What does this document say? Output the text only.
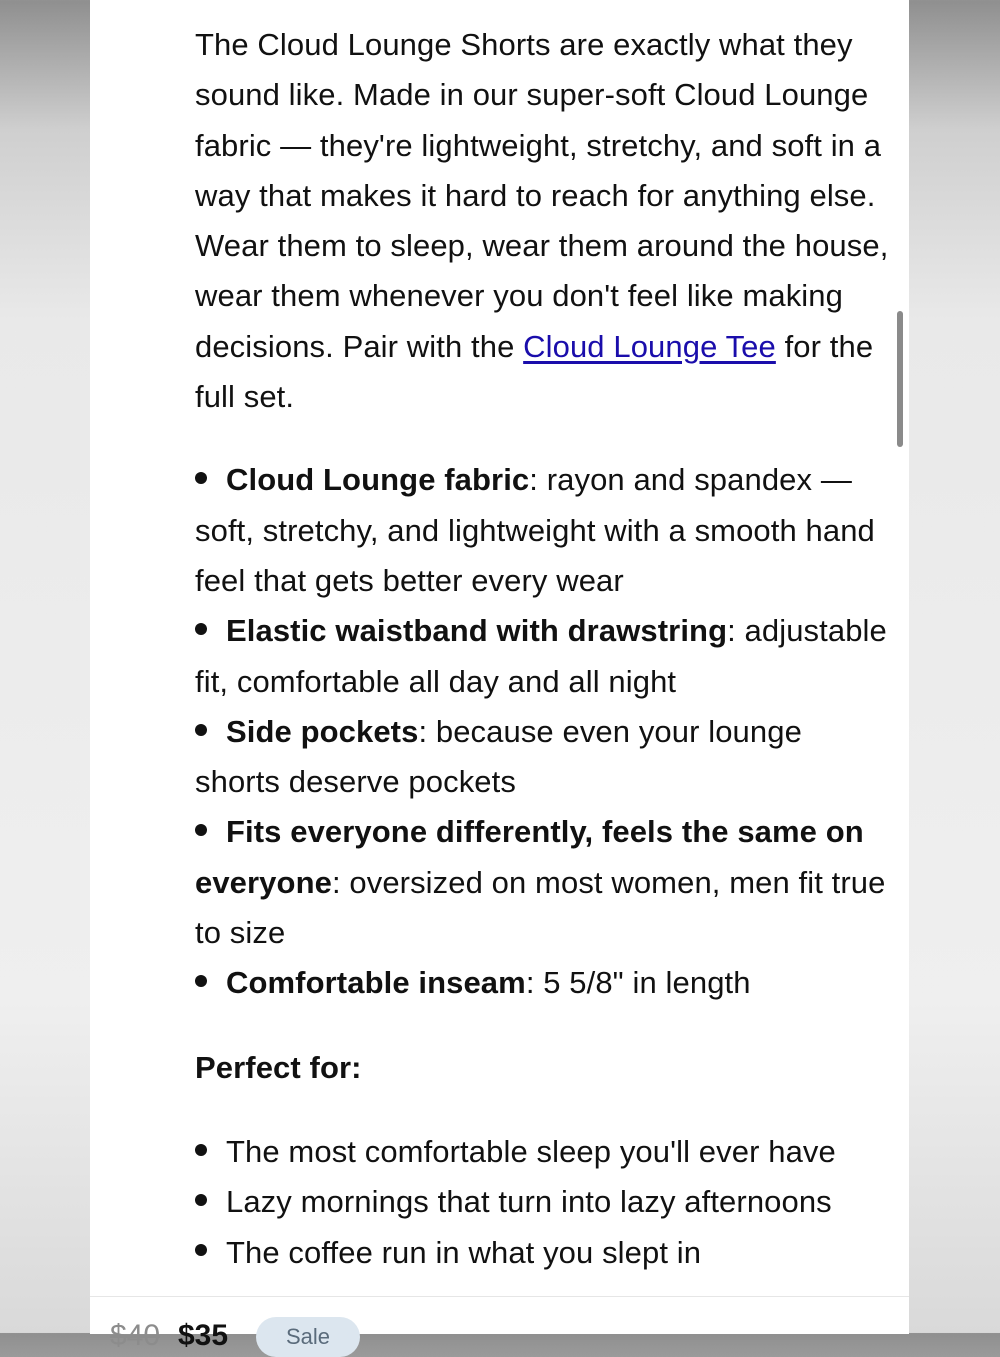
The Cloud Lounge Shorts are exactly what they sound like. Made in our super-soft Cloud Lounge fabric — they're lightweight, stretchy, and soft in a way that makes it hard to reach for anything else. Wear them to sleep, wear them around the house, wear them whenever you don't feel like making decisions. Pair with the Cloud Lounge Tee for the full set.

Cloud Lounge fabric: rayon and spandex — soft, stretchy, and lightweight with a smooth hand feel that gets better every wear
Elastic waistband with drawstring: adjustable fit, comfortable all day and all night
Side pockets: because even your lounge shorts deserve pockets
Fits everyone differently, feels the same on everyone: oversized on most women, men fit true to size
Comfortable inseam: 5 5/8" in length

Perfect for:

The most comfortable sleep you'll ever have
Lazy mornings that turn into lazy afternoons
The coffee run in what you slept in
$40 $35	Sale
